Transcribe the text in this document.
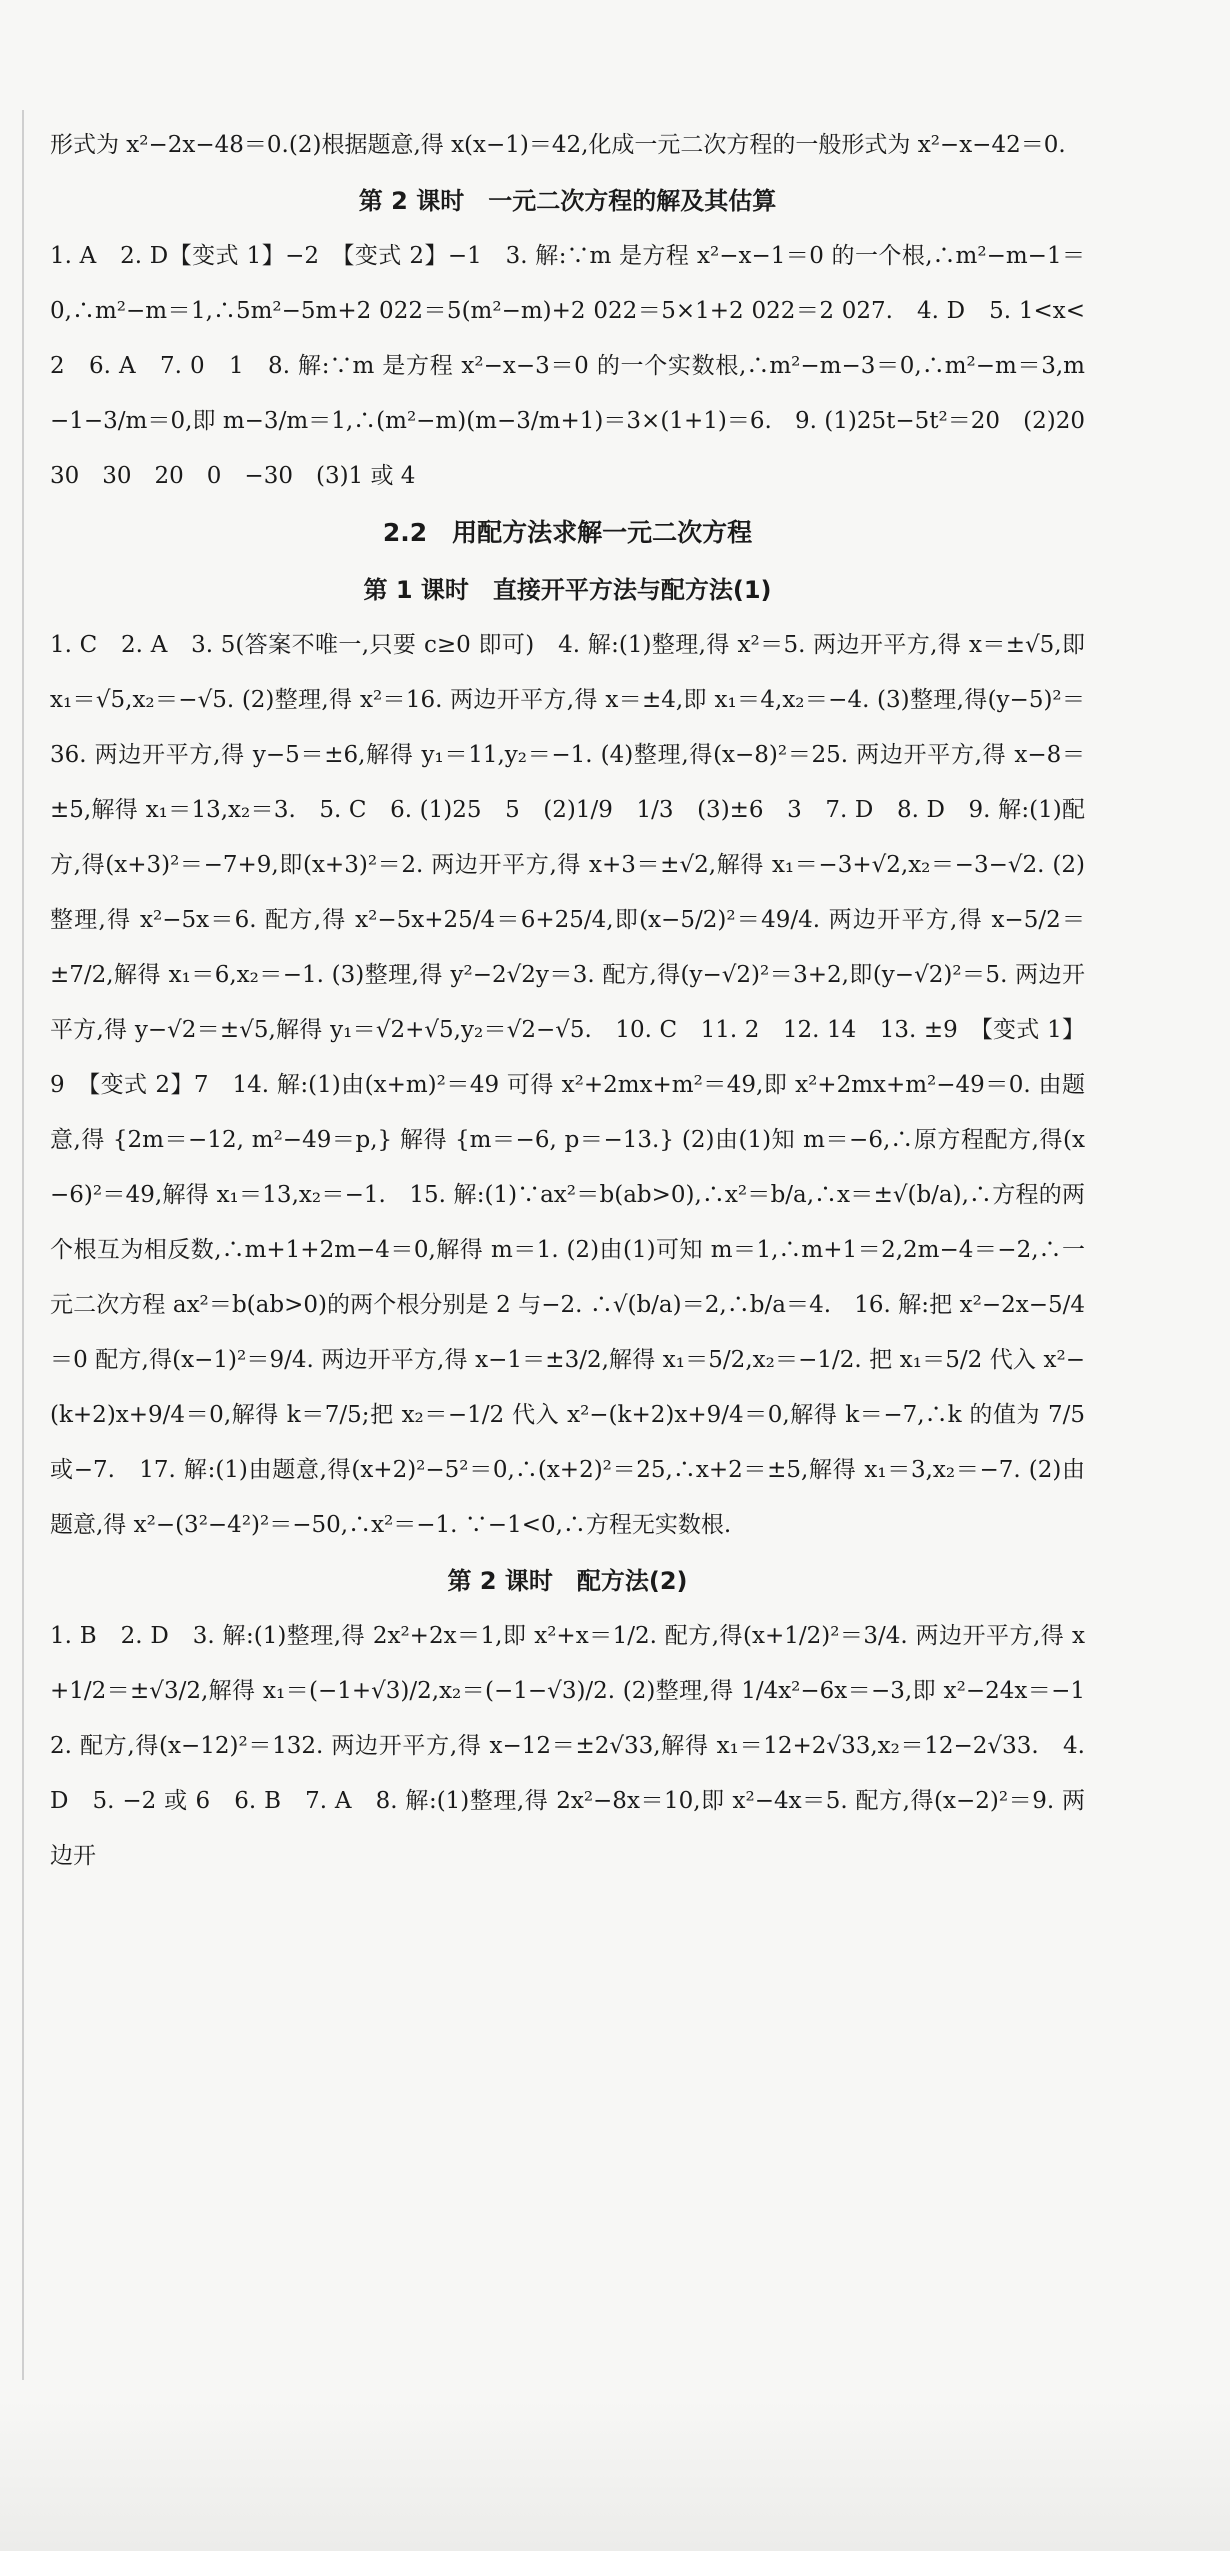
形式为 x²−2x−48＝0.(2)根据题意,得 x(x−1)＝42,化成一元二次方程的一般形式为 x²−x−42＝0.

第 2 课时　一元二次方程的解及其估算

1. A　2. D【变式 1】−2　【变式 2】−1　3. 解:∵m 是方程 x²−x−1＝0 的一个根,∴m²−m−1＝0,∴m²−m＝1,∴5m²−5m+2 022＝5(m²−m)+2 022＝5×1+2 022＝2 027.　4. D　5. 1<x<2　6. A　7. 0　1　8. 解:∵m 是方程 x²−x−3＝0 的一个实数根,∴m²−m−3＝0,∴m²−m＝3,m−1−3/m＝0,即 m−3/m＝1,∴(m²−m)(m−3/m+1)＝3×(1+1)＝6.　9. (1)25t−5t²＝20　(2)20　30　30　20　0　−30　(3)1 或 4

2.2　用配方法求解一元二次方程

第 1 课时　直接开平方法与配方法(1)

1. C　2. A　3. 5(答案不唯一,只要 c≥0 即可)　4. 解:(1)整理,得 x²＝5. 两边开平方,得 x＝±√5,即 x₁＝√5,x₂＝−√5. (2)整理,得 x²＝16. 两边开平方,得 x＝±4,即 x₁＝4,x₂＝−4. (3)整理,得(y−5)²＝36. 两边开平方,得 y−5＝±6,解得 y₁＝11,y₂＝−1. (4)整理,得(x−8)²＝25. 两边开平方,得 x−8＝±5,解得 x₁＝13,x₂＝3.　5. C　6. (1)25　5　(2)1/9　1/3　(3)±6　3　7. D　8. D　9. 解:(1)配方,得(x+3)²＝−7+9,即(x+3)²＝2. 两边开平方,得 x+3＝±√2,解得 x₁＝−3+√2,x₂＝−3−√2. (2)整理,得 x²−5x＝6. 配方,得 x²−5x+25/4＝6+25/4,即(x−5/2)²＝49/4. 两边开平方,得 x−5/2＝±7/2,解得 x₁＝6,x₂＝−1. (3)整理,得 y²−2√2y＝3. 配方,得(y−√2)²＝3+2,即(y−√2)²＝5. 两边开平方,得 y−√2＝±√5,解得 y₁＝√2+√5,y₂＝√2−√5.　10. C　11. 2　12. 14　13. ±9　【变式 1】9　【变式 2】7　14. 解:(1)由(x+m)²＝49 可得 x²+2mx+m²＝49,即 x²+2mx+m²−49＝0. 由题意,得 {2m＝−12, m²−49＝p,} 解得 {m＝−6, p＝−13.} (2)由(1)知 m＝−6,∴原方程配方,得(x−6)²＝49,解得 x₁＝13,x₂＝−1.　15. 解:(1)∵ax²＝b(ab>0),∴x²＝b/a,∴x＝±√(b/a),∴方程的两个根互为相反数,∴m+1+2m−4＝0,解得 m＝1. (2)由(1)可知 m＝1,∴m+1＝2,2m−4＝−2,∴一元二次方程 ax²＝b(ab>0)的两个根分别是 2 与−2. ∴√(b/a)＝2,∴b/a＝4.　16. 解:把 x²−2x−5/4＝0 配方,得(x−1)²＝9/4. 两边开平方,得 x−1＝±3/2,解得 x₁＝5/2,x₂＝−1/2. 把 x₁＝5/2 代入 x²−(k+2)x+9/4＝0,解得 k＝7/5;把 x₂＝−1/2 代入 x²−(k+2)x+9/4＝0,解得 k＝−7,∴k 的值为 7/5 或−7.　17. 解:(1)由题意,得(x+2)²−5²＝0,∴(x+2)²＝25,∴x+2＝±5,解得 x₁＝3,x₂＝−7. (2)由题意,得 x²−(3²−4²)²＝−50,∴x²＝−1. ∵−1<0,∴方程无实数根.

第 2 课时　配方法(2)

1. B　2. D　3. 解:(1)整理,得 2x²+2x＝1,即 x²+x＝1/2. 配方,得(x+1/2)²＝3/4. 两边开平方,得 x+1/2＝±√3/2,解得 x₁＝(−1+√3)/2,x₂＝(−1−√3)/2. (2)整理,得 1/4x²−6x＝−3,即 x²−24x＝−12. 配方,得(x−12)²＝132. 两边开平方,得 x−12＝±2√33,解得 x₁＝12+2√33,x₂＝12−2√33.　4. D　5. −2 或 6　6. B　7. A　8. 解:(1)整理,得 2x²−8x＝10,即 x²−4x＝5. 配方,得(x−2)²＝9. 两边开
